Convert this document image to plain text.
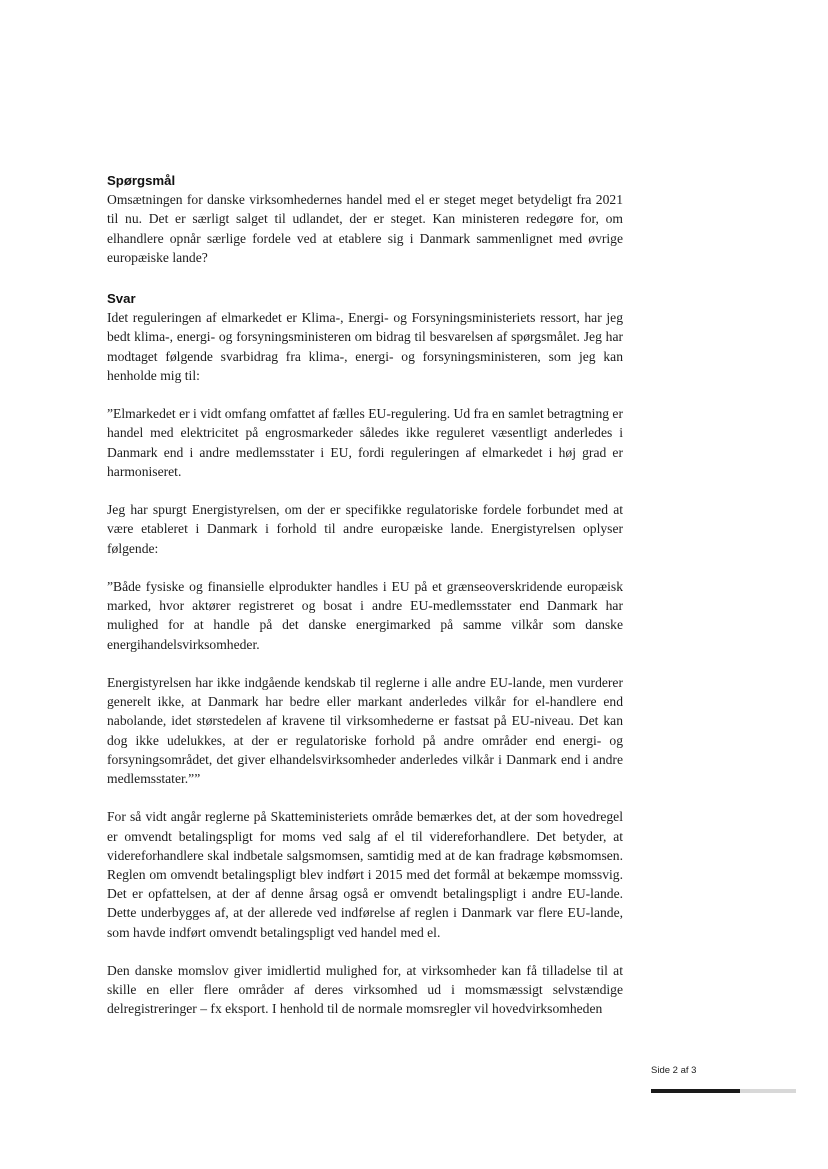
Spørgsmål

Omsætningen for danske virksomhedernes handel med el er steget meget betydeligt fra 2021 til nu. Det er særligt salget til udlandet, der er steget. Kan ministeren redegøre for, om elhandlere opnår særlige fordele ved at etablere sig i Danmark sammenlignet med øvrige europæiske lande?

Svar

Idet reguleringen af elmarkedet er Klima-, Energi- og Forsyningsministeriets ressort, har jeg bedt klima-, energi- og forsyningsministeren om bidrag til besvarelsen af spørgsmålet. Jeg har modtaget følgende svarbidrag fra klima-, energi- og forsyningsministeren, som jeg kan henholde mig til:

”Elmarkedet er i vidt omfang omfattet af fælles EU-regulering. Ud fra en samlet betragtning er handel med elektricitet på engrosmarkeder således ikke reguleret væsentligt anderledes i Danmark end i andre medlemsstater i EU, fordi reguleringen af elmarkedet i høj grad er harmoniseret.

Jeg har spurgt Energistyrelsen, om der er specifikke regulatoriske fordele forbundet med at være etableret i Danmark i forhold til andre europæiske lande. Energistyrelsen oplyser følgende:

”Både fysiske og finansielle elprodukter handles i EU på et grænseoverskridende europæisk marked, hvor aktører registreret og bosat i andre EU-medlemsstater end Danmark har mulighed for at handle på det danske energimarked på samme vilkår som danske energihandelsvirksomheder.

Energistyrelsen har ikke indgående kendskab til reglerne i alle andre EU-lande, men vurderer generelt ikke, at Danmark har bedre eller markant anderledes vilkår for el-handlere end nabolande, idet størstedelen af kravene til virksomhederne er fastsat på EU-niveau. Det kan dog ikke udelukkes, at der er regulatoriske forhold på andre områder end energi- og forsyningsområdet, det giver elhandelsvirksomheder anderledes vilkår i Danmark end i andre medlemsstater.””

For så vidt angår reglerne på Skatteministeriets område bemærkes det, at der som hovedregel er omvendt betalingspligt for moms ved salg af el til videreforhandlere. Det betyder, at videreforhandlere skal indbetale salgsmomsen, samtidig med at de kan fradrage købsmomsen. Reglen om omvendt betalingspligt blev indført i 2015 med det formål at bekæmpe momssvig. Det er opfattelsen, at der af denne årsag også er omvendt betalingspligt i andre EU-lande. Dette underbygges af, at der allerede ved indførelse af reglen i Danmark var flere EU-lande, som havde indført omvendt betalingspligt ved handel med el.

Den danske momslov giver imidlertid mulighed for, at virksomheder kan få tilladelse til at skille en eller flere områder af deres virksomhed ud i momsmæssigt selvstændige delregistreringer – fx eksport. I henhold til de normale momsregler vil hovedvirksomheden

Side 2 af 3
